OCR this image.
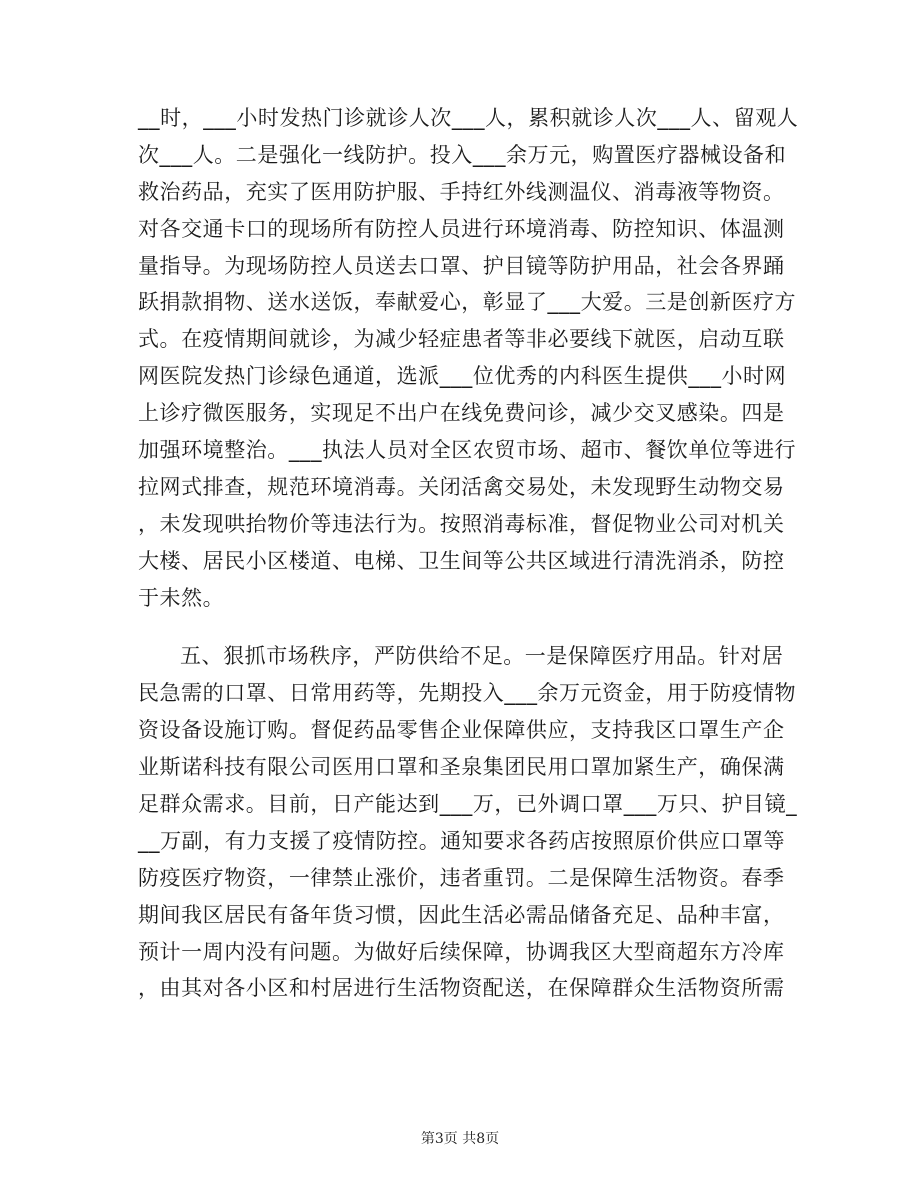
__时，___小时发热门诊就诊人次___人，累积就诊人次___人、留观人
次___人。二是强化一线防护。投入___余万元，购置医疗器械设备和
救治药品，充实了医用防护服、手持红外线测温仪、消毒液等物资。
对各交通卡口的现场所有防控人员进行环境消毒、防控知识、体温测
量指导。为现场防控人员送去口罩、护目镜等防护用品，社会各界踊
跃捐款捐物、送水送饭，奉献爱心，彰显了___大爱。三是创新医疗方
式。在疫情期间就诊，为减少轻症患者等非必要线下就医，启动互联
网医院发热门诊绿色通道，选派___位优秀的内科医生提供___小时网
上诊疗微医服务，实现足不出户在线免费问诊，减少交叉感染。四是
加强环境整治。___执法人员对全区农贸市场、超市、餐饮单位等进行
拉网式排查，规范环境消毒。关闭活禽交易处，未发现野生动物交易
，未发现哄抬物价等违法行为。按照消毒标准，督促物业公司对机关
大楼、居民小区楼道、电梯、卫生间等公共区域进行清洗消杀，防控
于未然。
五、狠抓市场秩序，严防供给不足。一是保障医疗用品。针对居
民急需的口罩、日常用药等，先期投入___余万元资金，用于防疫情物
资设备设施订购。督促药品零售企业保障供应，支持我区口罩生产企
业斯诺科技有限公司医用口罩和圣泉集团民用口罩加紧生产，确保满
足群众需求。目前，日产能达到___万，已外调口罩___万只、护目镜_
__万副，有力支援了疫情防控。通知要求各药店按照原价供应口罩等
防疫医疗物资，一律禁止涨价，违者重罚。二是保障生活物资。春季
期间我区居民有备年货习惯，因此生活必需品储备充足、品种丰富，
预计一周内没有问题。为做好后续保障，协调我区大型商超东方冷库
，由其对各小区和村居进行生活物资配送，在保障群众生活物资所需
第3页 共8页
